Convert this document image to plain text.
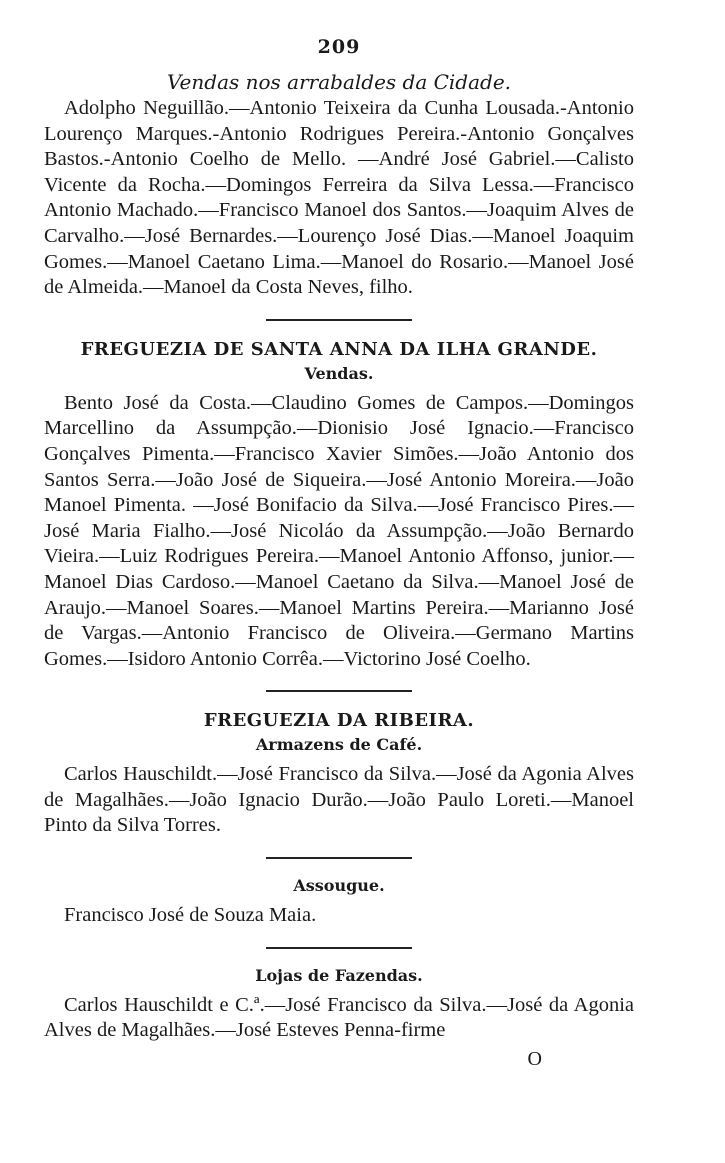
209
Vendas nos arrabaldes da Cidade.

Adolpho Neguillão.—Antonio Teixeira da Cunha Lousada.-Antonio Lourenço Marques.-Antonio Rodrigues Pereira.-Antonio Gonçalves Bastos.-Antonio Coelho de Mello. —André José Gabriel.—Calisto Vicente da Rocha.—Domingos Ferreira da Silva Lessa.—Francisco Antonio Machado.—Francisco Manoel dos Santos.—Joaquim Alves de Carvalho.—José Bernardes.—Lourenço José Dias.—Manoel Joaquim Gomes.—Manoel Caetano Lima.—Manoel do Rosario.—Manoel José de Almeida.—Manoel da Costa Neves, filho.

FREGUEZIA DE SANTA ANNA DA ILHA GRANDE.
Vendas.

Bento José da Costa.—Claudino Gomes de Campos.—Domingos Marcellino da Assumpção.—Dionisio José Ignacio.—Francisco Gonçalves Pimenta.—Francisco Xavier Simões.—João Antonio dos Santos Serra.—João José de Siqueira.—José Antonio Moreira.—João Manoel Pimenta. —José Bonifacio da Silva.—José Francisco Pires.—José Maria Fialho.—José Nicoláo da Assumpção.—João Bernardo Vieira.—Luiz Rodrigues Pereira.—Manoel Antonio Affonso, junior.—Manoel Dias Cardoso.—Manoel Caetano da Silva.—Manoel José de Araujo.—Manoel Soares.—Manoel Martins Pereira.—Marianno José de Vargas.—Antonio Francisco de Oliveira.—Germano Martins Gomes.—Isidoro Antonio Corrêa.—Victorino José Coelho.

FREGUEZIA DA RIBEIRA.
Armazens de Café.

Carlos Hauschildt.—José Francisco da Silva.—José da Agonia Alves de Magalhães.—João Ignacio Durão.—João Paulo Loreti.—Manoel Pinto da Silva Torres.

Assougue.

Francisco José de Souza Maia.

Lojas de Fazendas.

Carlos Hauschildt e C.ª.—José Francisco da Silva.—José da Agonia Alves de Magalhães.—José Esteves Penna-firme

O
